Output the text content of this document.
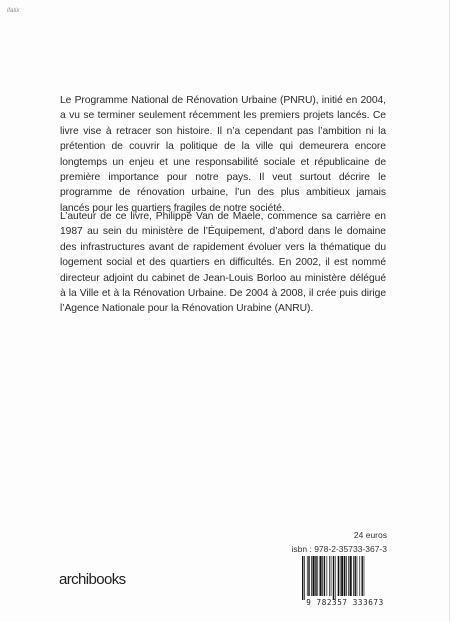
ifatix

Le Programme National de Rénovation Urbaine (PNRU), initié en 2004, a vu se terminer seulement récemment les premiers projets lancés. Ce livre vise à retracer son histoire. Il n’a cependant pas l’ambition ni la prétention de couvrir la politique de la ville qui demeurera encore longtemps un enjeu et une responsabilité sociale et républicaine de première importance pour notre pays. Il veut surtout décrire le programme de rénovation urbaine, l’un des plus ambitieux jamais lancés pour les quartiers fragiles de notre société.

L’auteur de ce livre, Philippe Van de Maele, commence sa carrière en 1987 au sein du ministère de l’Équipement, d’abord dans le domaine des infrastructures avant de rapidement évoluer vers la thématique du logement social et des quartiers en difficultés. En 2002, il est nommé directeur adjoint du cabinet de Jean-Louis Borloo au ministère délégué à la Ville et à la Rénovation Urbaine. De 2004 à 2008, il crée puis dirige l’Agence Nationale pour la Rénovation Urabine (ANRU).

24 euros
isbn : 978-2-35733-367-3
archibooks
9 782357 333673
